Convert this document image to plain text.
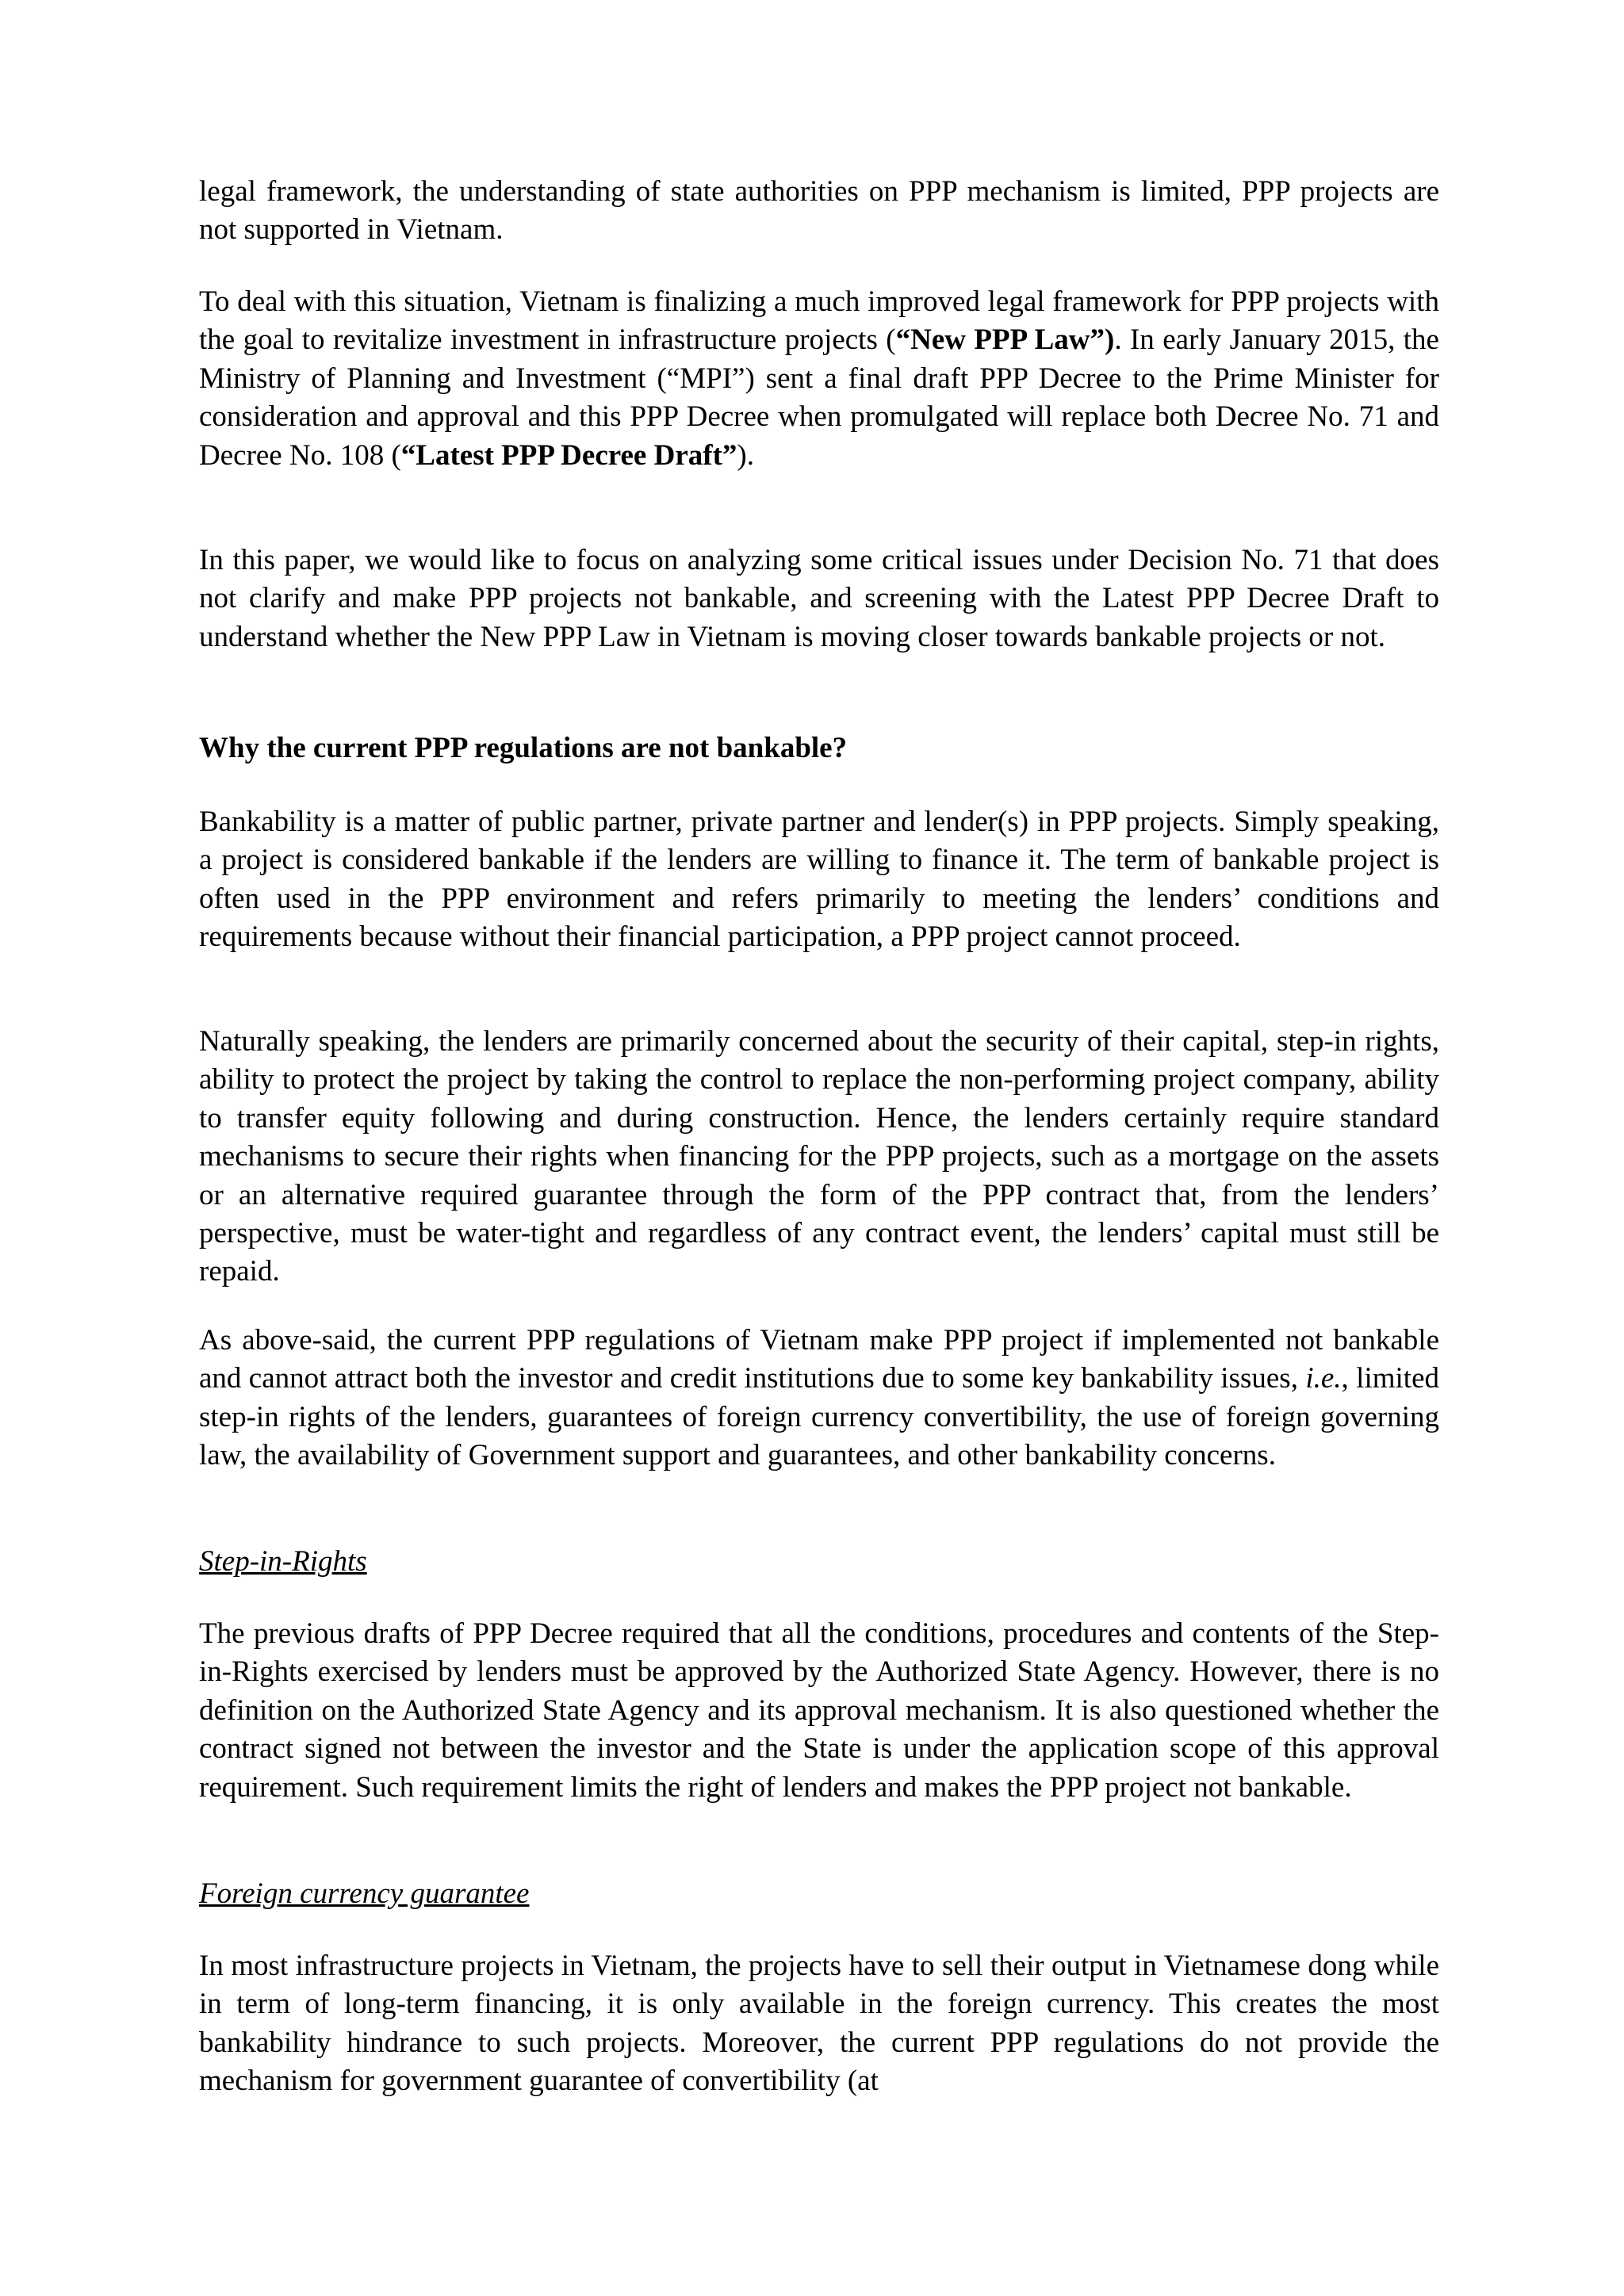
legal framework, the understanding of state authorities on PPP mechanism is limited, PPP projects are not supported in Vietnam.

To deal with this situation, Vietnam is finalizing a much improved legal framework for PPP projects with the goal to revitalize investment in infrastructure projects (“New PPP Law”). In early January 2015, the Ministry of Planning and Investment (“MPI”) sent a final draft PPP Decree to the Prime Minister for consideration and approval and this PPP Decree when promulgated will replace both Decree No. 71 and Decree No. 108 (“Latest PPP Decree Draft”).

In this paper, we would like to focus on analyzing some critical issues under Decision No. 71 that does not clarify and make PPP projects not bankable, and screening with the Latest PPP Decree Draft to understand whether the New PPP Law in Vietnam is moving closer towards bankable projects or not.

Why the current PPP regulations are not bankable?

Bankability is a matter of public partner, private partner and lender(s) in PPP projects. Simply speaking, a project is considered bankable if the lenders are willing to finance it. The term of bankable project is often used in the PPP environment and refers primarily to meeting the lenders’ conditions and requirements because without their financial participation, a PPP project cannot proceed.

Naturally speaking, the lenders are primarily concerned about the security of their capital, step-in rights, ability to protect the project by taking the control to replace the non-performing project company, ability to transfer equity following and during construction. Hence, the lenders certainly require standard mechanisms to secure their rights when financing for the PPP projects, such as a mortgage on the assets or an alternative required guarantee through the form of the PPP contract that, from the lenders’ perspective, must be water-tight and regardless of any contract event, the lenders’ capital must still be repaid.

As above-said, the current PPP regulations of Vietnam make PPP project if implemented not bankable and cannot attract both the investor and credit institutions due to some key bankability issues, i.e., limited step-in rights of the lenders, guarantees of foreign currency convertibility, the use of foreign governing law, the availability of Government support and guarantees, and other bankability concerns.

Step-in-Rights

The previous drafts of PPP Decree required that all the conditions, procedures and contents of the Step-in-Rights exercised by lenders must be approved by the Authorized State Agency. However, there is no definition on the Authorized State Agency and its approval mechanism. It is also questioned whether the contract signed not between the investor and the State is under the application scope of this approval requirement. Such requirement limits the right of lenders and makes the PPP project not bankable.

Foreign currency guarantee

In most infrastructure projects in Vietnam, the projects have to sell their output in Vietnamese dong while in term of long-term financing, it is only available in the foreign currency. This creates the most bankability hindrance to such projects. Moreover, the current PPP regulations do not provide the mechanism for government guarantee of convertibility (at
